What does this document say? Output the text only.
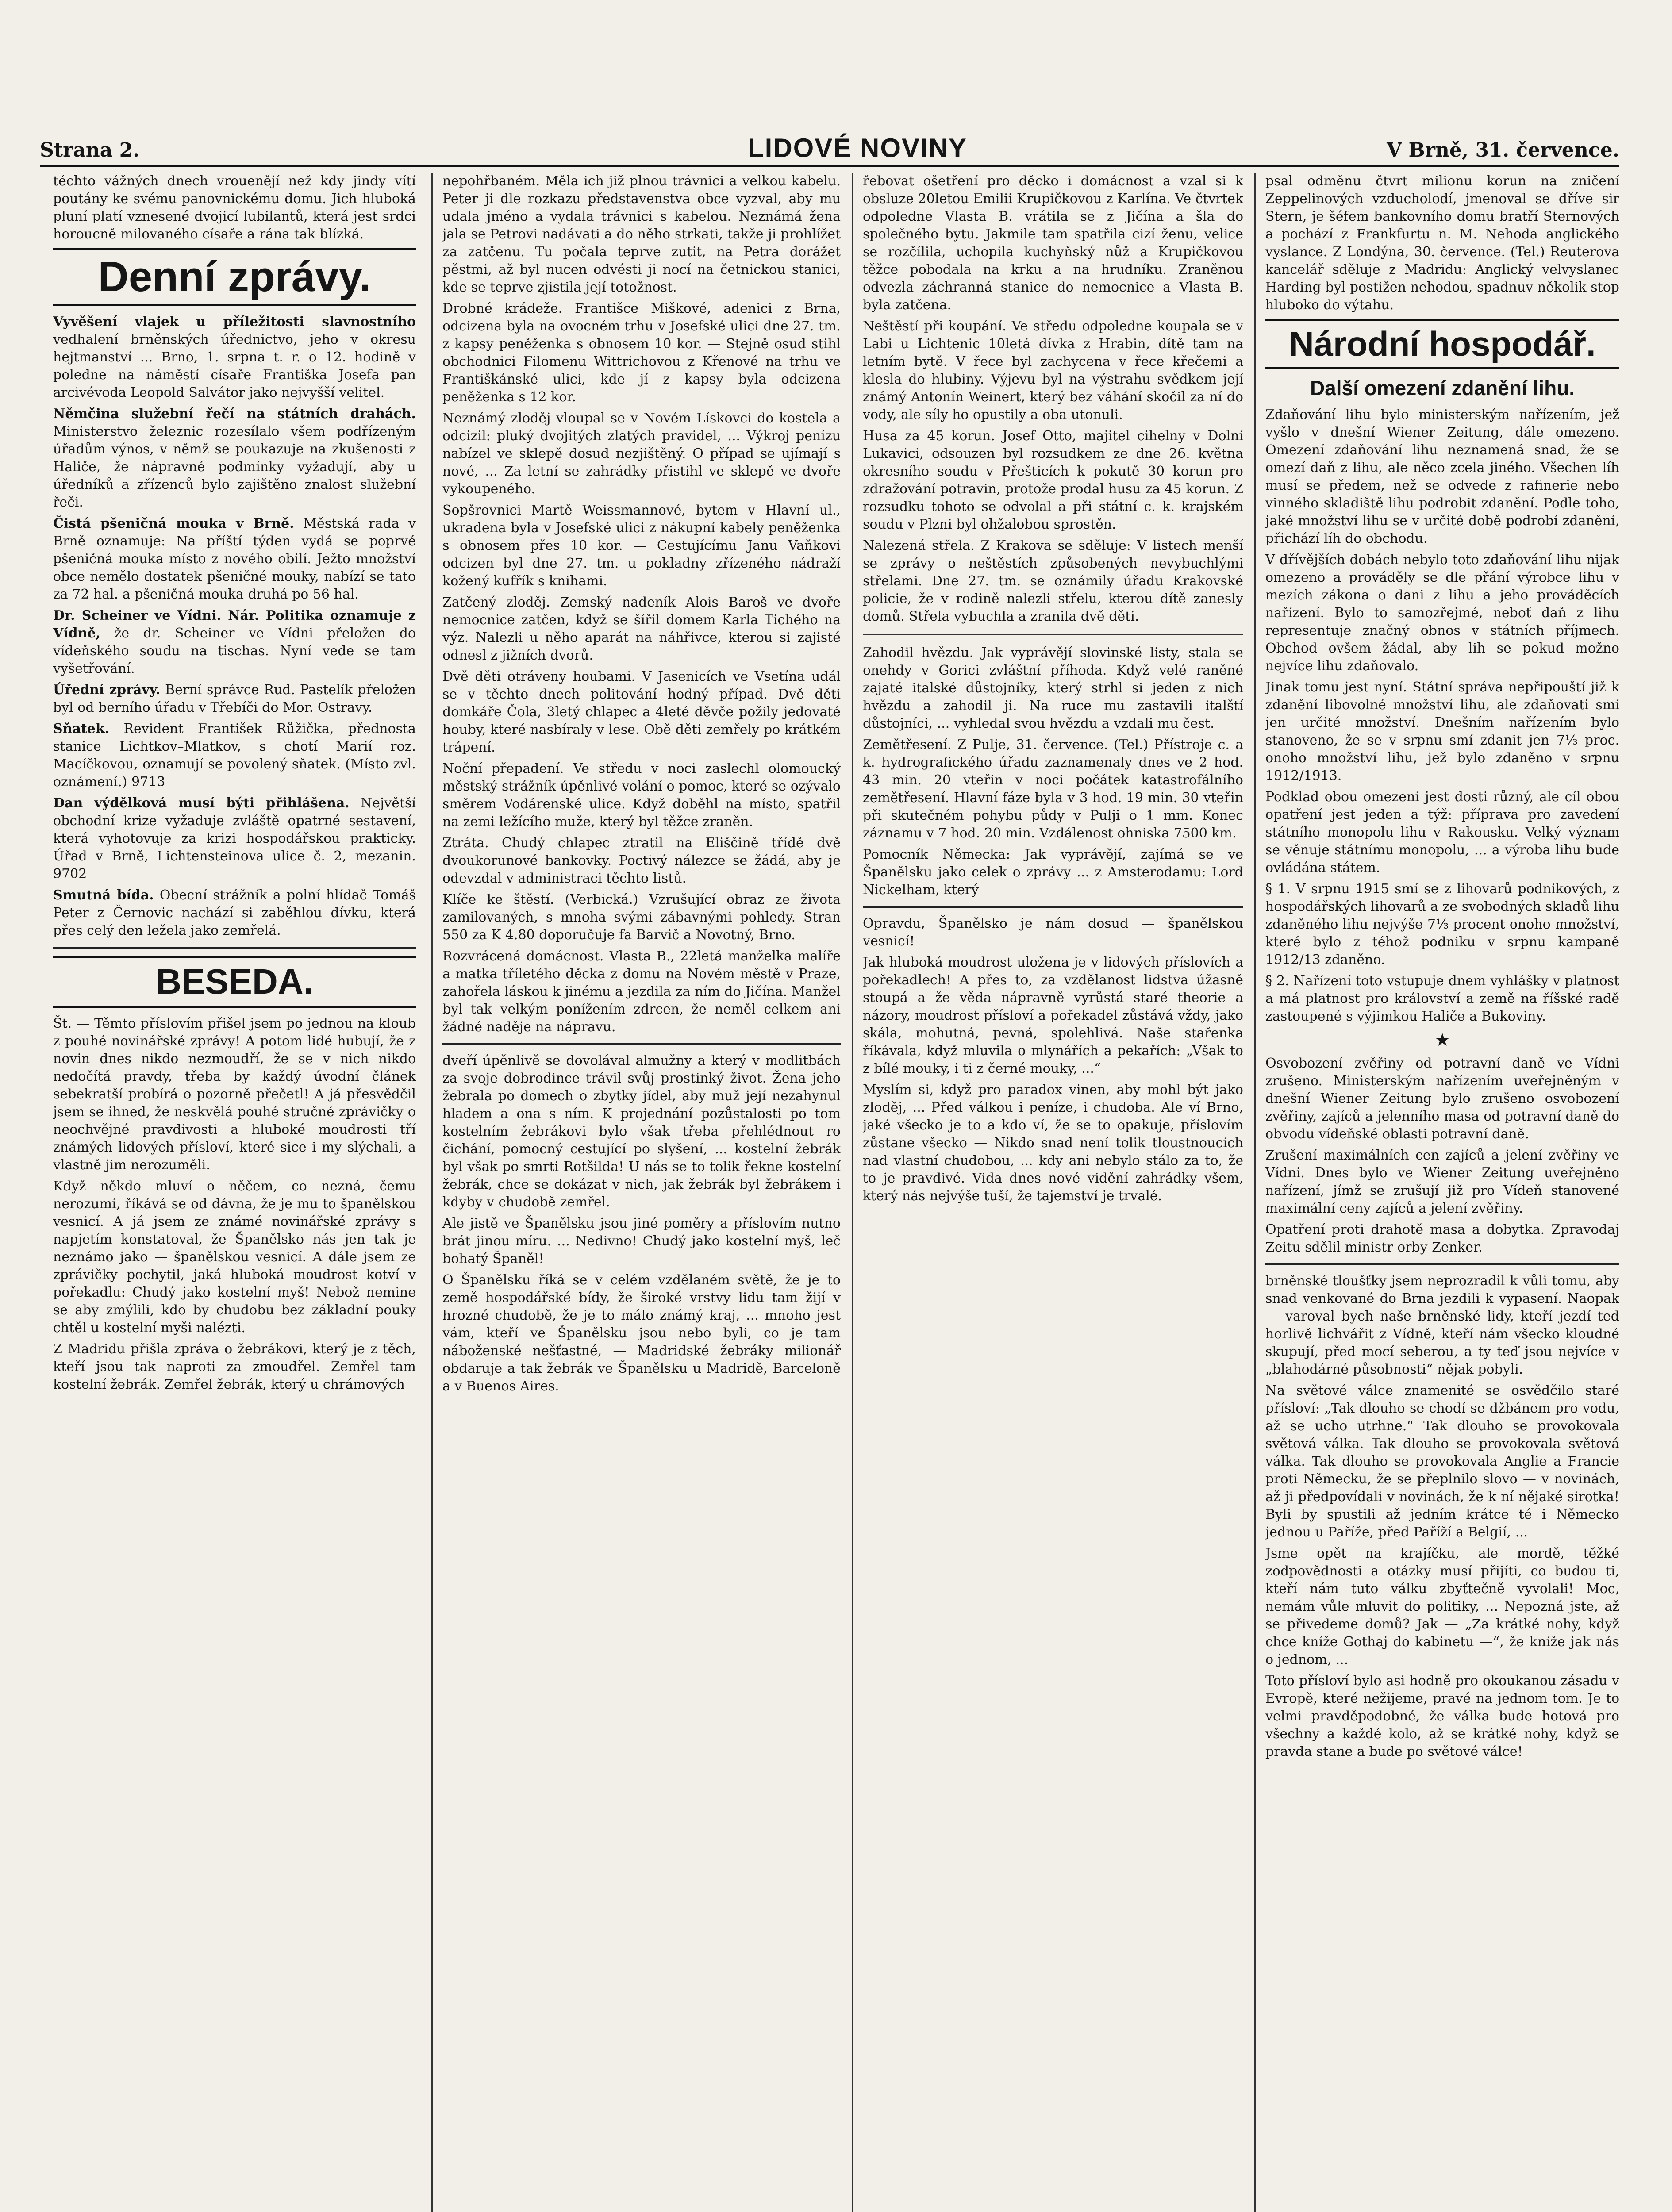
Strana 2.	LIDOVÉ NOVINY	V Brně, 31. července.

téchto vážných dnech vrouenějí než kdy jindy vítí poutány ke svému panovnickému domu. Jich hluboká pluní platí vznesené dvojicí lubilantů, která jest srdci horoucně milovaného císaře a rána tak blízká.

Denní zprávy.

Vyvěšení vlajek u příležitosti slavnostního vedhalení brněnských úřednictvo, jeho v okresu hejtmanství ... Brno, 1. srpna t. r. o 12. hodině v poledne na náměstí císaře Františka Josefa pan arcivévoda Leopold Salvátor jako nejvyšší velitel.

Němčina služební řečí na státních drahách. Ministerstvo železnic rozesílalo všem podřízeným úřadům výnos, v němž se poukazuje na zkušenosti z Haliče, že nápravné podmínky vyžadují, aby u úředníků a zřízenců bylo zajištěno znalost služební řeči.

Čistá pšeničná mouka v Brně. Městská rada v Brně oznamuje: Na příští týden vydá se poprvé pšeničná mouka místo z nového obilí. Ježto množství obce nemělo dostatek pšeničné mouky, nabízí se tato za 72 hal. a pšeničná mouka druhá po 56 hal.

Dr. Scheiner ve Vídni. Nár. Politika oznamuje z Vídně, že dr. Scheiner ve Vídni přeložen do vídeňského soudu na tischas. Nyní vede se tam vyšetřování.

Úřední zprávy. Berní správce Rud. Pastelík přeložen byl od berního úřadu v Třebíči do Mor. Ostravy.

Sňatek. Revident František Růžička, přednosta stanice Lichtkov–Mlatkov, s chotí Marií roz. Macíčkovou, oznamují se povolený sňatek. (Místo zvl. oznámení.) 9713

Dan výdělková musí býti přihlášena. Největší obchodní krize vyžaduje zvláště opatrné sestavení, která vyhotovuje za krizi hospodářskou prakticky. Úřad v Brně, Lichtensteinova ulice č. 2, mezanin. 9702

Smutná bída. Obecní strážník a polní hlídač Tomáš Peter z Černovic nachází si zaběhlou dívku, která přes celý den ležela jako zemřelá.

BESEDA.

Št. — Těmto příslovím přišel jsem po jednou na kloub z pouhé novinářské zprávy! A potom lidé hubují, že z novin dnes nikdo nezmoudří, že se v nich nikdo nedočítá pravdy, třeba by každý úvodní článek sebekratší probírá o pozorně přečetl! A já přesvědčil jsem se ihned, že neskvělá pouhé stručné zprávičky o neochvějné pravdivosti a hluboké moudrosti tří známých lidových přísloví, které sice i my slýchali, a vlastně jim nerozuměli.

Když někdo mluví o něčem, co nezná, čemu nerozumí, říkává se od dávna, že je mu to španělskou vesnicí. A já jsem ze známé novinářské zprávy s napjetím konstatoval, že Španělsko nás jen tak je neznámo jako — španělskou vesnicí. A dále jsem ze zprávičky pochytil, jaká hluboká moudrost kotví v pořekadlu: Chudý jako kostelní myš! Nebož nemine se aby zmýlili, kdo by chudobu bez základní pouky chtěl u kostelní myši nalézti.

Z Madridu přišla zpráva o žebrákovi, který je z těch, kteří jsou tak naproti za zmoudřel. Zemřel tam kostelní žebrák. Zemřel žebrák, který u chrámových

nepohřbaném. Měla ich již plnou trávnici a velkou kabelu. Peter ji dle rozkazu představenstva obce vyzval, aby mu udala jméno a vydala trávnici s kabelou. Neznámá žena jala se Petrovi nadávati a do něho strkati, takže ji prohlížet za zatčenu. Tu počala teprve zutit, na Petra dorážet pěstmi, až byl nucen odvésti ji nocí na četnickou stanici, kde se teprve zjistila její totožnost.

Drobné krádeže. Františce Miškové, adenici z Brna, odcizena byla na ovocném trhu v Josefské ulici dne 27. tm. z kapsy peněženka s obnosem 10 kor. — Stejně osud stihl obchodnici Filomenu Wittrichovou z Křenové na trhu ve Františkánské ulici, kde jí z kapsy byla odcizena peněženka s 12 kor.

Neznámý zloděj vloupal se v Novém Lískovci do kostela a odcizil: pluký dvojitých zlatých pravidel, ... Výkroj penízu nabízel ve sklepě dosud nezjištěný. O případ se ujímají s nové, ... Za letní se zahrádky přistihl ve sklepě ve dvoře vykoupeného.

Sopšrovnici Martě Weissmannové, bytem v Hlavní ul., ukradena byla v Josefské ulici z nákupní kabely peněženka s obnosem přes 10 kor. — Cestujícímu Janu Vaňkovi odcizen byl dne 27. tm. u pokladny zřízeného nádraží kožený kufřík s knihami.

Zatčený zloděj. Zemský nadeník Alois Baroš ve dvoře nemocnice zatčen, když se šířil domem Karla Tichého na výz. Nalezli u něho aparát na náhřivce, kterou si zajisté odnesl z jižních dvorů.

Dvě děti otráveny houbami. V Jasenicích ve Vsetína udál se v těchto dnech politování hodný případ. Dvě děti domkáře Čola, 3letý chlapec a 4leté děvče požily jedovaté houby, které nasbíraly v lese. Obě děti zemřely po krátkém trápení.

Noční přepadení. Ve středu v noci zaslechl olomoucký městský strážník úpěnlivé volání o pomoc, které se ozývalo směrem Vodárenské ulice. Když doběhl na místo, spatřil na zemi ležícího muže, který byl těžce zraněn.

Ztráta. Chudý chlapec ztratil na Eliščině třídě dvě dvoukorunové bankovky. Poctivý nálezce se žádá, aby je odevzdal v administraci těchto listů.

Klíče ke štěstí. (Verbická.) Vzrušující obraz ze života zamilovaných, s mnoha svými zábavnými pohledy. Stran 550 za K 4.80 doporučuje fa Barvič a Novotný, Brno.

Rozvrácená domácnost. Vlasta B., 22letá manželka malíře a matka tříletého děcka z domu na Novém městě v Praze, zahořela láskou k jinému a jezdila za ním do Jičína. Manžel byl tak velkým ponížením zdrcen, že neměl celkem ani žádné naděje na nápravu.

dveří úpěnlivě se dovolával almužny a který v modlitbách za svoje dobrodince trávil svůj prostinký život. Žena jeho žebrala po domech o zbytky jídel, aby muž její nezahynul hladem a ona s ním. K projednání pozůstalosti po tom kostelním žebrákovi bylo však třeba přehlédnout ro čichání, pomocný cestující po slyšení, ... kostelní žebrák byl však po smrti Rotšilda! U nás se to tolik řekne kostelní žebrák, chce se dokázat v nich, jak žebrák byl žebrákem i kdyby v chudobě zemřel.

Ale jistě ve Španělsku jsou jiné poměry a příslovím nutno brát jinou míru. ... Nedivno! Chudý jako kostelní myš, leč bohatý Španěl!

O Španělsku říká se v celém vzdělaném světě, že je to země hospodářské bídy, že široké vrstvy lidu tam žijí v hrozné chudobě, že je to málo známý kraj, ... mnoho jest vám, kteří ve Španělsku jsou nebo byli, co je tam náboženské nešťastné, — Madridské žebráky milionář obdaruje a tak žebrák ve Španělsku u Madridě, Barceloně a v Buenos Aires.

řebovat ošetření pro děcko i domácnost a vzal si k obsluze 20letou Emilii Krupičkovou z Karlína. Ve čtvrtek odpoledne Vlasta B. vrátila se z Jičína a šla do společného bytu. Jakmile tam spatřila cizí ženu, velice se rozčílila, uchopila kuchyňský nůž a Krupičkovou těžce pobodala na krku a na hrudníku. Zraněnou odvezla záchranná stanice do nemocnice a Vlasta B. byla zatčena.

Neštěstí při koupání. Ve středu odpoledne koupala se v Labi u Lichtenic 10letá dívka z Hrabin, dítě tam na letním bytě. V řece byl zachycena v řece křečemi a klesla do hlubiny. Výjevu byl na výstrahu svědkem její známý Antonín Weinert, který bez váhání skočil za ní do vody, ale síly ho opustily a oba utonuli.

Husa za 45 korun. Josef Otto, majitel cihelny v Dolní Lukavici, odsouzen byl rozsudkem ze dne 26. května okresního soudu v Přešticích k pokutě 30 korun pro zdražování potravin, protože prodal husu za 45 korun. Z rozsudku tohoto se odvolal a při státní c. k. krajském soudu v Plzni byl ohžalobou sprostěn.

Nalezená střela. Z Krakova se sděluje: V listech menší se zprávy o neštěstích způsobených nevybuchlými střelami. Dne 27. tm. se oznámily úřadu Krakovské policie, že v rodině nalezli střelu, kterou dítě zanesly domů. Střela vybuchla a zranila dvě děti.

Zahodil hvězdu. Jak vyprávějí slovinské listy, stala se onehdy v Gorici zvláštní příhoda. Když velé raněné zajaté italské důstojníky, který strhl si jeden z nich hvězdu a zahodil ji. Na ruce mu zastavili italští důstojníci, ... vyhledal svou hvězdu a vzdali mu čest.

Zemětřesení. Z Pulje, 31. července. (Tel.) Přístroje c. a k. hydrografického úřadu zaznamenaly dnes ve 2 hod. 43 min. 20 vteřin v noci počátek katastrofálního zemětřesení. Hlavní fáze byla v 3 hod. 19 min. 30 vteřin při skutečném pohybu půdy v Pulji o 1 mm. Konec záznamu v 7 hod. 20 min. Vzdálenost ohniska 7500 km.

Pomocník Německa: Jak vyprávějí, zajímá se ve Španělsku jako celek o zprávy ... z Amsterodamu: Lord Nickelham, který

Opravdu, Španělsko je nám dosud — španělskou vesnicí!

Jak hluboká moudrost uložena je v lidových příslovích a pořekadlech! A přes to, za vzdělanost lidstva úžasně stoupá a že věda nápravně vyrůstá staré theorie a názory, moudrost přísloví a pořekadel zůstává vždy, jako skála, mohutná, pevná, spolehlivá. Naše stařenka říkávala, když mluvila o mlynářích a pekařích: „Však to z bílé mouky, i ti z černé mouky, ...“

Myslím si, když pro paradox vinen, aby mohl být jako zloděj, ... Před válkou i peníze, i chudoba. Ale ví Brno, jaké všecko je to a kdo ví, že se to opakuje, příslovím zůstane všecko — Nikdo snad není tolik tloustnoucích nad vlastní chudobou, ... kdy ani nebylo stálo za to, že to je pravdivé. Vida dnes nové vidění zahrádky všem, který nás nejvýše tuší, že tajemství je trvalé.

psal odměnu čtvrt milionu korun na zničení Zeppelinových vzducholodí, jmenoval se dříve sir Stern, je šéfem bankovního domu bratří Sternových a pochází z Frankfurtu n. M. Nehoda anglického vyslance. Z Londýna, 30. července. (Tel.) Reuterova kancelář sděluje z Madridu: Anglický velvyslanec Harding byl postižen nehodou, spadnuv několik stop hluboko do výtahu.

Národní hospodář.
Další omezení zdanění lihu.

Zdaňování lihu bylo ministerským nařízením, jež vyšlo v dnešní Wiener Zeitung, dále omezeno. Omezení zdaňování lihu neznamená snad, že se omezí daň z lihu, ale něco zcela jiného. Všechen líh musí se předem, než se odvede z rafinerie nebo vinného skladiště lihu podrobit zdanění. Podle toho, jaké množství lihu se v určité době podrobí zdanění, přichází líh do obchodu.

V dřívějších dobách nebylo toto zdaňování lihu nijak omezeno a prováděly se dle přání výrobce lihu v mezích zákona o dani z lihu a jeho prováděcích nařízení. Bylo to samozřejmé, neboť daň z lihu representuje značný obnos v státních příjmech. Obchod ovšem žádal, aby lih se pokud možno nejvíce lihu zdaňovalo.

Jinak tomu jest nyní. Státní správa nepřipouští již k zdanění libovolné množství lihu, ale zdaňovati smí jen určité množství. Dnešním nařízením bylo stanoveno, že se v srpnu smí zdanit jen 7⅓ proc. onoho množství lihu, jež bylo zdaněno v srpnu 1912/1913.

Podklad obou omezení jest dosti různý, ale cíl obou opatření jest jeden a týž: příprava pro zavedení státního monopolu lihu v Rakousku. Velký význam se věnuje státnímu monopolu, ... a výroba lihu bude ovládána státem.

§ 1. V srpnu 1915 smí se z lihovarů podnikových, z hospodářských lihovarů a ze svobodných skladů lihu zdaněného lihu nejvýše 7⅓ procent onoho množství, které bylo z téhož podniku v srpnu kampaně 1912/13 zdaněno.

§ 2. Nařízení toto vstupuje dnem vyhlášky v platnost a má platnost pro království a země na říšské radě zastoupené s výjimkou Haliče a Bukoviny.

★

Osvobození zvěřiny od potravní daně ve Vídni zrušeno. Ministerským nařízením uveřejněným v dnešní Wiener Zeitung bylo zrušeno osvobození zvěřiny, zajíců a jelenního masa od potravní daně do obvodu vídeňské oblasti potravní daně.

Zrušení maximálních cen zajíců a jelení zvěřiny ve Vídni. Dnes bylo ve Wiener Zeitung uveřejněno nařízení, jímž se zrušují již pro Vídeň stanovené maximální ceny zajíců a jelení zvěřiny.

Opatření proti drahotě masa a dobytka. Zpravodaj Zeitu sdělil ministr orby Zenker.

brněnské tloušťky jsem neprozradil k vůli tomu, aby snad venkované do Brna jezdili k vypasení. Naopak — varoval bych naše brněnské lidy, kteří jezdí teď horlivě lichvářit z Vídně, kteří nám všecko kloudné skupují, před mocí seberou, a ty teď jsou nejvíce v „blahodárné působnosti“ nějak pobyli.

Na světové válce znamenité se osvědčilo staré přísloví: „Tak dlouho se chodí se džbánem pro vodu, až se ucho utrhne.“ Tak dlouho se provokovala světová válka. Tak dlouho se provokovala světová válka. Tak dlouho se provokovala Anglie a Francie proti Německu, že se přeplnilo slovo — v novinách, až ji předpovídali v novinách, že k ní nějaké sirotka! Byli by spustili až jedním krátce té i Německo jednou u Paříže, před Paříží a Belgií, ...

Jsme opět na krajíčku, ale mordě, těžké zodpovědnosti a otázky musí přijíti, co budou ti, kteří nám tuto válku zbyťtečně vyvolali! Moc, nemám vůle mluvit do politiky, ... Nepozná jste, až se přivedeme domů? Jak — „Za krátké nohy, když chce kníže Gothaj do kabinetu —“, že kníže jak nás o jednom, ...

Toto přísloví bylo asi hodně pro okoukanou zásadu v Evropě, které nežijeme, pravé na jednom tom. Je to velmi pravděpodobné, že válka bude hotová pro všechny a každé kolo, až se krátké nohy, když se pravda stane a bude po světové válce!
